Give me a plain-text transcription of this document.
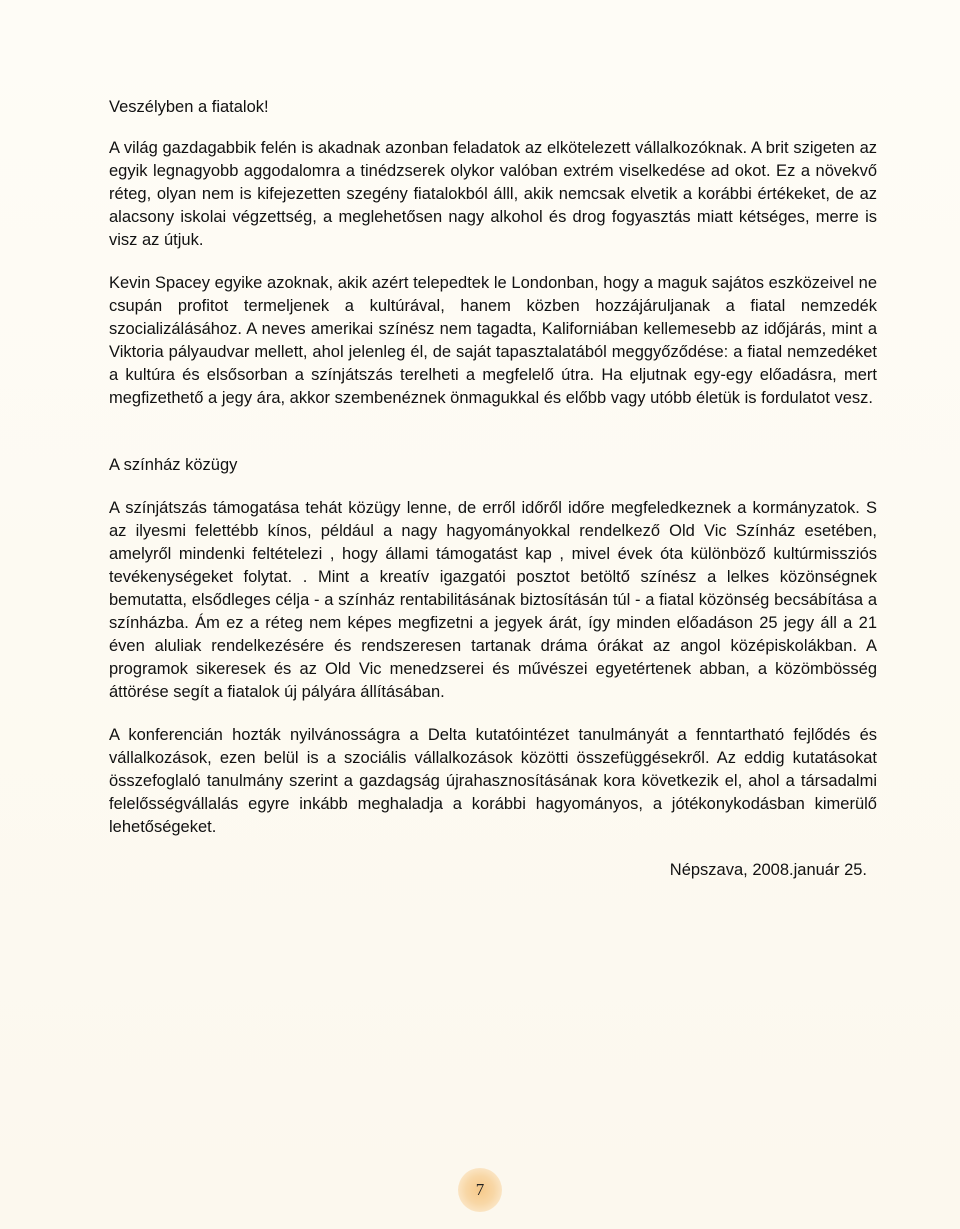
Veszélyben a fiatalok!

A világ gazdagabbik felén is akadnak azonban feladatok az elkötelezett vállalkozóknak. A brit szigeten az egyik legnagyobb aggodalomra a tinédzserek olykor valóban extrém viselkedése ad okot. Ez a növekvő réteg, olyan nem is kifejezetten szegény fiatalokból álll, akik nemcsak elvetik a korábbi értékeket, de az alacsony iskolai végzettség, a meglehetősen nagy alkohol és drog fogyasztás miatt kétséges, merre is visz az útjuk.

Kevin Spacey egyike azoknak, akik azért telepedtek le Londonban, hogy a maguk sajátos eszközeivel ne csupán profitot termeljenek a kultúrával, hanem közben hozzájáruljanak a fiatal nemzedék szocializálásához. A neves amerikai színész nem tagadta, Kaliforniában kellemesebb az időjárás, mint a Viktoria pályaudvar mellett, ahol jelenleg él, de saját tapasztalatából meggyőződése: a fiatal nemzedéket a kultúra és elsősorban a színjátszás terelheti a megfelelő útra. Ha eljutnak egy-egy előadásra, mert megfizethető a jegy ára, akkor szembenéznek önmagukkal és előbb vagy utóbb életük is fordulatot vesz.

A színház közügy

A színjátszás támogatása tehát közügy lenne, de erről időről időre megfeledkeznek a kormányzatok. S az ilyesmi felettébb kínos, például a nagy hagyományokkal rendelkező Old Vic Színház esetében, amelyről mindenki feltételezi , hogy állami támogatást kap , mivel évek óta különböző kultúrmissziós tevékenységeket folytat. . Mint a kreatív igazgatói posztot betöltő színész a lelkes közönségnek bemutatta, elsődleges célja - a színház rentabilitásának biztosításán túl - a fiatal közönség becsábítása a színházba. Ám ez a réteg nem képes megfizetni a jegyek árát, így minden előadáson 25 jegy áll a 21 éven aluliak rendelkezésére és rendszeresen tartanak dráma órákat az angol középiskolákban. A programok sikeresek és az Old Vic menedzserei és művészei egyetértenek abban, a közömbösség áttörése segít a fiatalok új pályára állításában.

A konferencián hozták nyilvánosságra a Delta kutatóintézet tanulmányát a fenntartható fejlődés és vállalkozások, ezen belül is a szociális vállalkozások közötti összefüggésekről. Az eddig kutatásokat összefoglaló tanulmány szerint a gazdagság újrahasznosításának kora következik el, ahol a társadalmi felelősségvállalás egyre inkább meghaladja a korábbi hagyományos, a jótékonykodásban kimerülő lehetőségeket.

Népszava, 2008.január 25.

7
